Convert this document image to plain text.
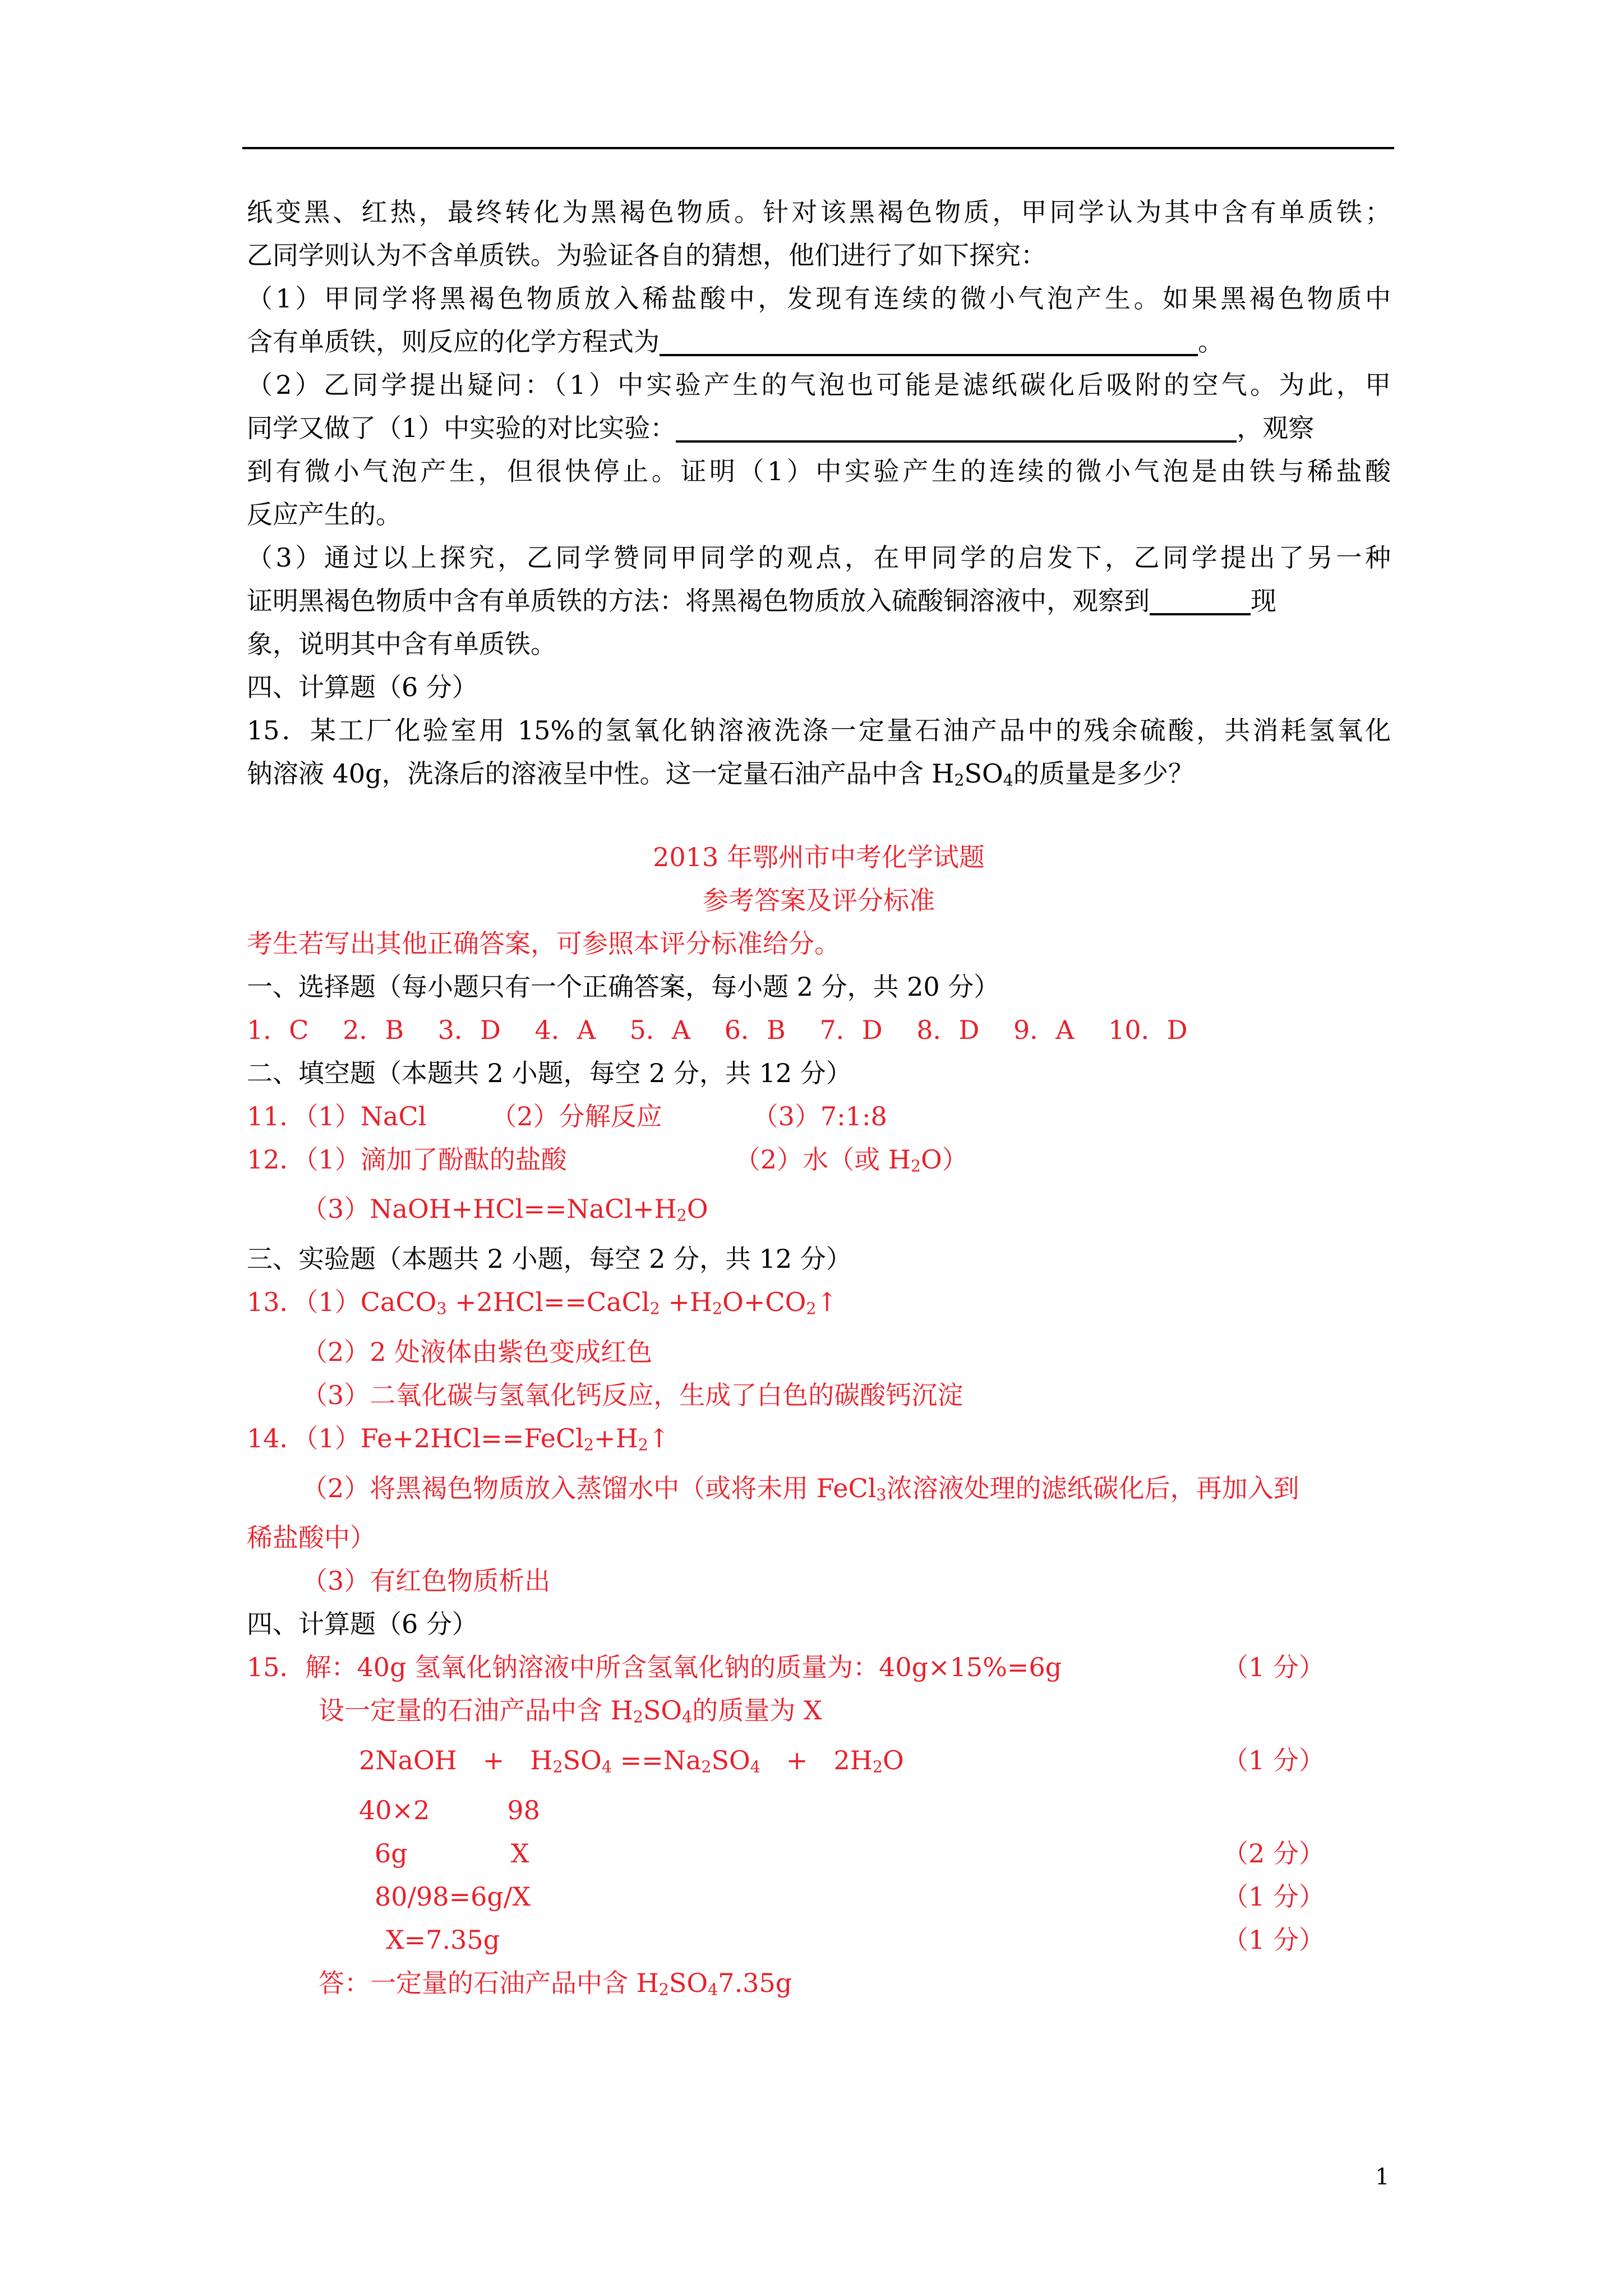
纸变黑、红热，最终转化为黑褐色物质。针对该黑褐色物质，甲同学认为其中含有单质铁；

乙同学则认为不含单质铁。为验证各自的猜想，他们进行了如下探究：

（1）甲同学将黑褐色物质放入稀盐酸中，发现有连续的微小气泡产生。如果黑褐色物质中

含有单质铁，则反应的化学方程式为	。

（2）乙同学提出疑问：（1）中实验产生的气泡也可能是滤纸碳化后吸附的空气。为此，甲

同学又做了（1）中实验的对比实验：	，观察

到有微小气泡产生，但很快停止。证明（1）中实验产生的连续的微小气泡是由铁与稀盐酸

反应产生的。

（3）通过以上探究，乙同学赞同甲同学的观点，在甲同学的启发下，乙同学提出了另一种

证明黑褐色物质中含有单质铁的方法：将黑褐色物质放入硫酸铜溶液中，观察到	现

象，说明其中含有单质铁。

四、计算题（6 分）

15．某工厂化验室用 15%的氢氧化钠溶液洗涤一定量石油产品中的残余硫酸，共消耗氢氧化

钠溶液 40g，洗涤后的溶液呈中性。这一定量石油产品中含 $H_2SO_4$的质量是多少？

2013 年鄂州市中考化学试题

参考答案及评分标准

考生若写出其他正确答案，可参照本评分标准给分。

一、选择题（每小题只有一个正确答案，每小题 2 分，共 20 分）

1．C　 2．B　 3．D　 4．A　 5．A　 6．B　 7．D　 8．D　 9．A　 10．D

二、填空题（本题共 2 小题，每空 2 分，共 12 分）

11．（1）NaCl　　　（2）分解反应　　　　（3）7:1:8

12．（1）滴加了酚酞的盐酸　　　　　　　（2）水（或 $H_2O$）

$(3)NaOH+HCl==NaCl+H_2O$

三、实验题（本题共 2 小题，每空 2 分，共 12 分）

13．（1）CaCO$_3$ +2HCl==CaCl$_2$ $+H_2O+CO_2↑$

（2）2 处液体由紫色变成红色

（3）二氧化碳与氢氧化钙反应，生成了白色的碳酸钙沉淀

14．$(1)Fe+2HCl==FeCl_2+H_2↑$

（2）将黑褐色物质放入蒸馏水中（或将未用 FeCl$_3$浓溶液处理的滤纸碳化后，再加入到

稀盐酸中）

（3）有红色物质析出

四、计算题（6 分）

15．解：40g 氢氧化钠溶液中所含氢氧化钠的质量为：40g×15%=6g	（1 分）

设一定量的石油产品中含 $H_2SO_4$的质量为 X

2NaOH　+　$H_2SO_4 ==Na_2SO_4$　+　$2H_2O$	（1 分）

40×2　　　98

6g　　　　X	（2 分）
80/98=6g/X	（1 分）
X=7.35g	（1 分）

答：一定量的石油产品中含 $H_2SO_47.35g$

1
